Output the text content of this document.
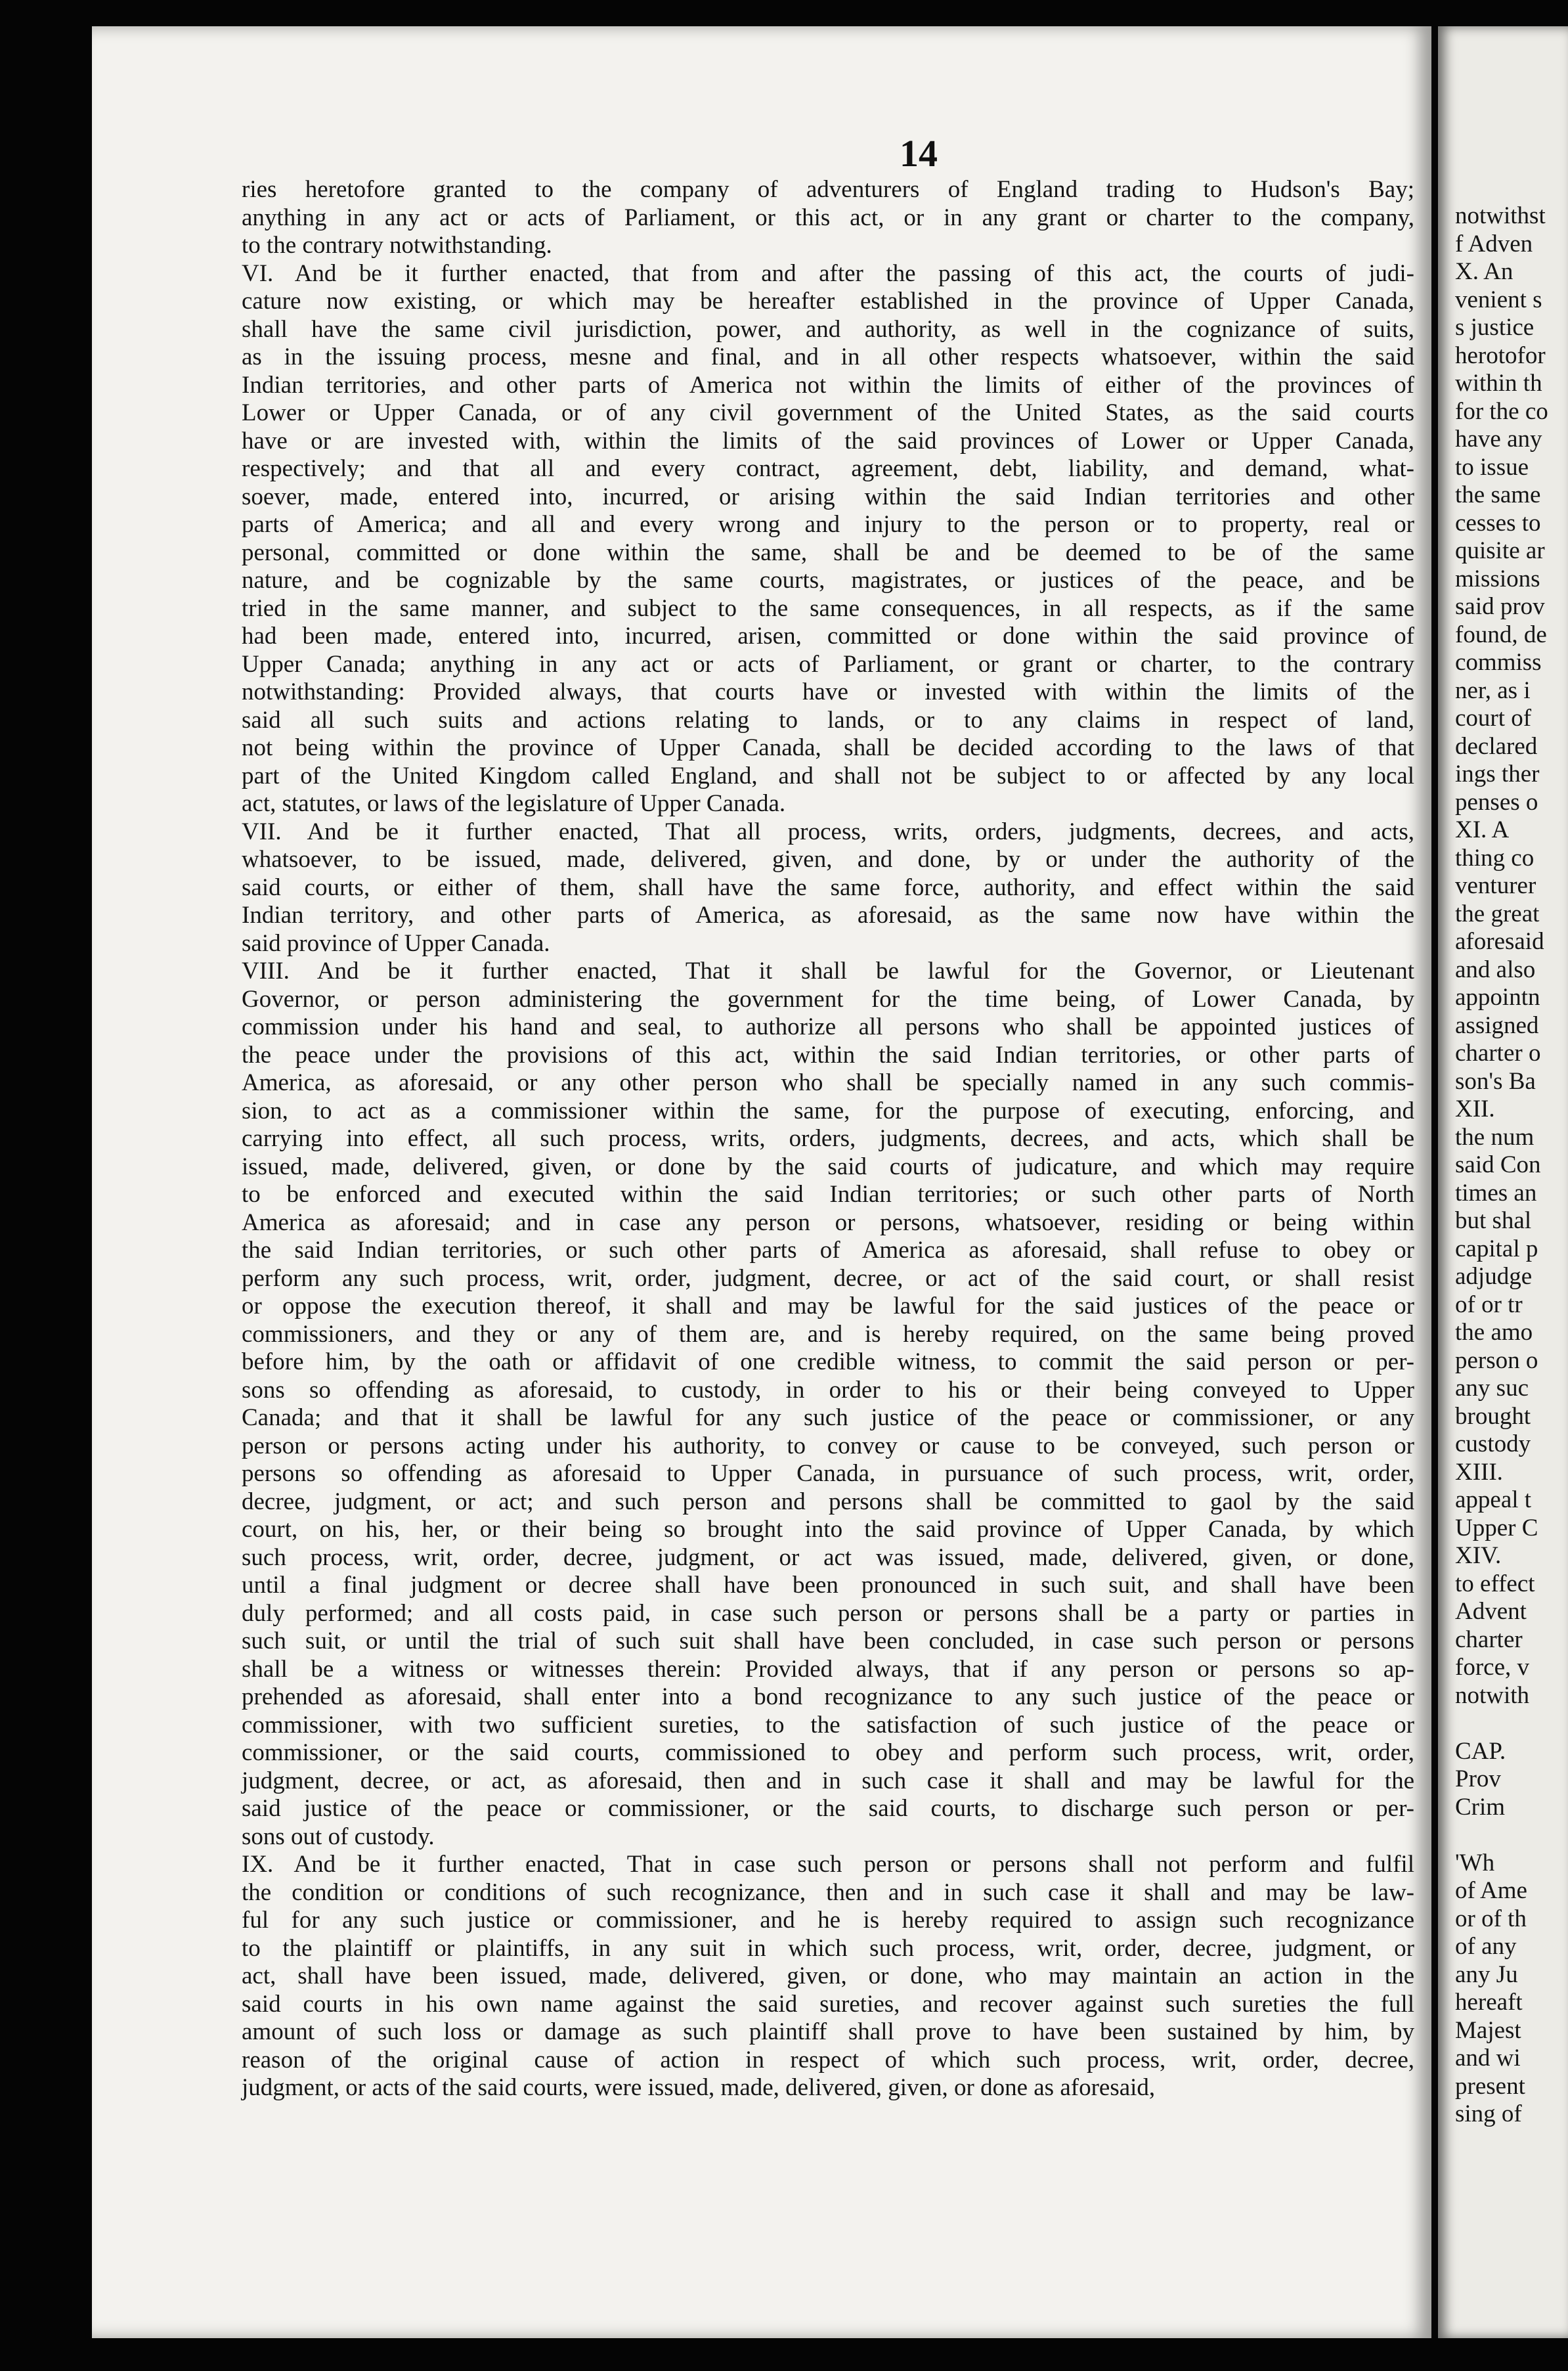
14
ries heretofore granted to the company of adventurers of England trading to Hudson's Bay;
anything in any act or acts of Parliament, or this act, or in any grant or charter to the company,
to the contrary notwithstanding.
VI. And be it further enacted, that from and after the passing of this act, the courts of judi-
cature now existing, or which may be hereafter established in the province of Upper Canada,
shall have the same civil jurisdiction, power, and authority, as well in the cognizance of suits,
as in the issuing process, mesne and final, and in all other respects whatsoever, within the said
Indian territories, and other parts of America not within the limits of either of the provinces of
Lower or Upper Canada, or of any civil government of the United States, as the said courts
have or are invested with, within the limits of the said provinces of Lower or Upper Canada,
respectively; and that all and every contract, agreement, debt, liability, and demand, what-
soever, made, entered into, incurred, or arising within the said Indian territories and other
parts of America; and all and every wrong and injury to the person or to property, real or
personal, committed or done within the same, shall be and be deemed to be of the same
nature, and be cognizable by the same courts, magistrates, or justices of the peace, and be
tried in the same manner, and subject to the same consequences, in all respects, as if the same
had been made, entered into, incurred, arisen, committed or done within the said province of
Upper Canada; anything in any act or acts of Parliament, or grant or charter, to the contrary
notwithstanding: Provided always, that courts have or invested with within the limits of the
said all such suits and actions relating to lands, or to any claims in respect of land,
not being within the province of Upper Canada, shall be decided according to the laws of that
part of the United Kingdom called England, and shall not be subject to or affected by any local
act, statutes, or laws of the legislature of Upper Canada.
VII. And be it further enacted, That all process, writs, orders, judgments, decrees, and acts,
whatsoever, to be issued, made, delivered, given, and done, by or under the authority of the
said courts, or either of them, shall have the same force, authority, and effect within the said
Indian territory, and other parts of America, as aforesaid, as the same now have within the
said province of Upper Canada.
VIII. And be it further enacted, That it shall be lawful for the Governor, or Lieutenant
Governor, or person administering the government for the time being, of Lower Canada, by
commission under his hand and seal, to authorize all persons who shall be appointed justices of
the peace under the provisions of this act, within the said Indian territories, or other parts of
America, as aforesaid, or any other person who shall be specially named in any such commis-
sion, to act as a commissioner within the same, for the purpose of executing, enforcing, and
carrying into effect, all such process, writs, orders, judgments, decrees, and acts, which shall be
issued, made, delivered, given, or done by the said courts of judicature, and which may require
to be enforced and executed within the said Indian territories; or such other parts of North
America as aforesaid; and in case any person or persons, whatsoever, residing or being within
the said Indian territories, or such other parts of America as aforesaid, shall refuse to obey or
perform any such process, writ, order, judgment, decree, or act of the said court, or shall resist
or oppose the execution thereof, it shall and may be lawful for the said justices of the peace or
commissioners, and they or any of them are, and is hereby required, on the same being proved
before him, by the oath or affidavit of one credible witness, to commit the said person or per-
sons so offending as aforesaid, to custody, in order to his or their being conveyed to Upper
Canada; and that it shall be lawful for any such justice of the peace or commissioner, or any
person or persons acting under his authority, to convey or cause to be conveyed, such person or
persons so offending as aforesaid to Upper Canada, in pursuance of such process, writ, order,
decree, judgment, or act; and such person and persons shall be committed to gaol by the said
court, on his, her, or their being so brought into the said province of Upper Canada, by which
such process, writ, order, decree, judgment, or act was issued, made, delivered, given, or done,
until a final judgment or decree shall have been pronounced in such suit, and shall have been
duly performed; and all costs paid, in case such person or persons shall be a party or parties in
such suit, or until the trial of such suit shall have been concluded, in case such person or persons
shall be a witness or witnesses therein: Provided always, that if any person or persons so ap-
prehended as aforesaid, shall enter into a bond recognizance to any such justice of the peace or
commissioner, with two sufficient sureties, to the satisfaction of such justice of the peace or
commissioner, or the said courts, commissioned to obey and perform such process, writ, order,
judgment, decree, or act, as aforesaid, then and in such case it shall and may be lawful for the
said justice of the peace or commissioner, or the said courts, to discharge such person or per-
sons out of custody.
IX. And be it further enacted, That in case such person or persons shall not perform and fulfil
the condition or conditions of such recognizance, then and in such case it shall and may be law-
ful for any such justice or commissioner, and he is hereby required to assign such recognizance
to the plaintiff or plaintiffs, in any suit in which such process, writ, order, decree, judgment, or
act, shall have been issued, made, delivered, given, or done, who may maintain an action in the
said courts in his own name against the said sureties, and recover against such sureties the full
amount of such loss or damage as such plaintiff shall prove to have been sustained by him, by
reason of the original cause of action in respect of which such process, writ, order, decree,
judgment, or acts of the said courts, were issued, made, delivered, given, or done as aforesaid,
notwithst
f Adven
X. An
venient s
s justice
herotofor
within th
for the co
have any
to issue
the same
cesses to
quisite ar
missions
said prov
found, de
commiss
ner, as i
court of
declared
ings ther
penses o
XI. A
thing co
venturer
the great
aforesaid
and also
appointn
assigned
charter o
son's Ba
XII.
the num
said Con
times an
but shal
capital p
adjudge
of or tr
the amo
person o
any suc
brought
custody
XIII.
appeal t
Upper C
XIV.
to effect
Advent
charter
force, v
notwith

CAP.
Prov
Crim

'Wh
of Ame
or of th
of any
any Ju
hereaft
Majest
and wi
present
sing of
